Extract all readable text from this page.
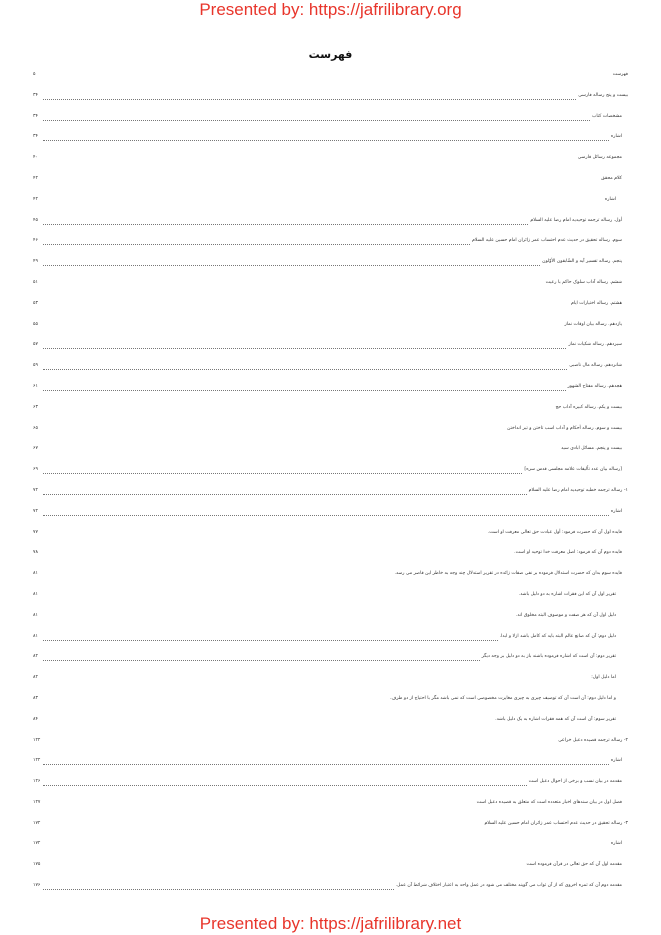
Presented by: https://jafrilibrary.org
فهرست
فهرست
۵
بیست و پنج رساله فارسی
۳۴
مشخصات کتاب
۳۴
اشاره
۳۴
مجموعه رسائل فارسی
۴۰
کلام محقق
۴۲
اشاره
۴۲
أول. رساله ترجمه توحیدیه امام رضا علیه السلام
۴۵
سوم. رساله تحقیق در حدیث عدم احتساب عمر زائران امام حسین علیه السلام
۴۶
پنجم. رساله تفسیر آیه و السّابقون الأوّلون
۴۹
ششم. رساله آداب سلوک حاکم با رعیت
۵۱
هشتم. رساله اختیارات ایام
۵۳
یازدهم. رساله بیان اوقات نماز
۵۵
سیزدهم. رساله شکیات نماز
۵۷
شانزدهم. رساله مال ناصبی
۵۹
هجدهم. رساله مفتاح الشهور
۶۱
بیست و یکم. رساله کبیره آداب حج
۶۳
بیست و سوم. رساله أحکام و آداب اسب تاختن و تیر انداختن
۶۵
بیست و پنجم. مسائل ابادی سید
۶۷
[رساله بیان عدد تألیفات علامه مجلسی قدس سره]
۶۹
۱- رساله ترجمه خطبه توحیدیه امام رضا علیه السلام
۷۲
اشاره
۷۲
فایده اول آن که حضرت فرمود: أول عبادت حق تعالی معرفت او است.
۷۷
فایده دوم آن که فرمود: اصل معرفت خدا توحید او است.
۷۸
فایده سوم بدان که حضرت استدلال فرموده بر نفی صفات زائده در تقریر استدلال چند وجه به خاطر این قاصر می رسد.
۸۱
تقریر اول آن که این فقرات اشاره به دو دلیل باشد.
۸۱
دلیل اول آن که هر صفت و موصوف البته مخلوق اند.
۸۱
دلیل دوم: آن که صانع عالم البته باید که کامل باشد ازلا و ابدا.
۸۱
تقریر دوم: آن است که اشاره فرموده باشند باز به دو دلیل بر وجه دیگر
۸۲
اما دلیل اول:
۸۲
و اما دلیل دوم: آن است آن که توصیف چیزی به چیزی مغایرت مخصوصی است که نمی باشد مگر با احتیاج از دو طرف.
۸۳
تقریر سوم: آن است آن که همه فقرات اشاره به یک دلیل باشد.
۸۴
۲- رساله ترجمه قصیده دعبل خزاعی
۱۲۲
اشاره
۱۲۲
مقدمه در بیان نسب و برخی از احوال دعبل است
۱۲۶
فصل اول در بیان سندهای اخبار متعدده است که متعلق به قصیده دعبل است
۱۲۷
۳- رساله تحقیق در حدیث عدم احتساب عمر زائران امام حسین علیه السلام
۱۷۲
اشاره
۱۷۲
مقدمه اول آن که حق تعالی در قرآن فرموده است
۱۷۵
مقدمه دوم آن که ثمره اخروی که از آن ثواب می گویند مختلف می شود در عمل واحد به اعتبار اختلاف شرائط آن عمل.
۱۷۶
Presented by: https://jafrilibrary.net
